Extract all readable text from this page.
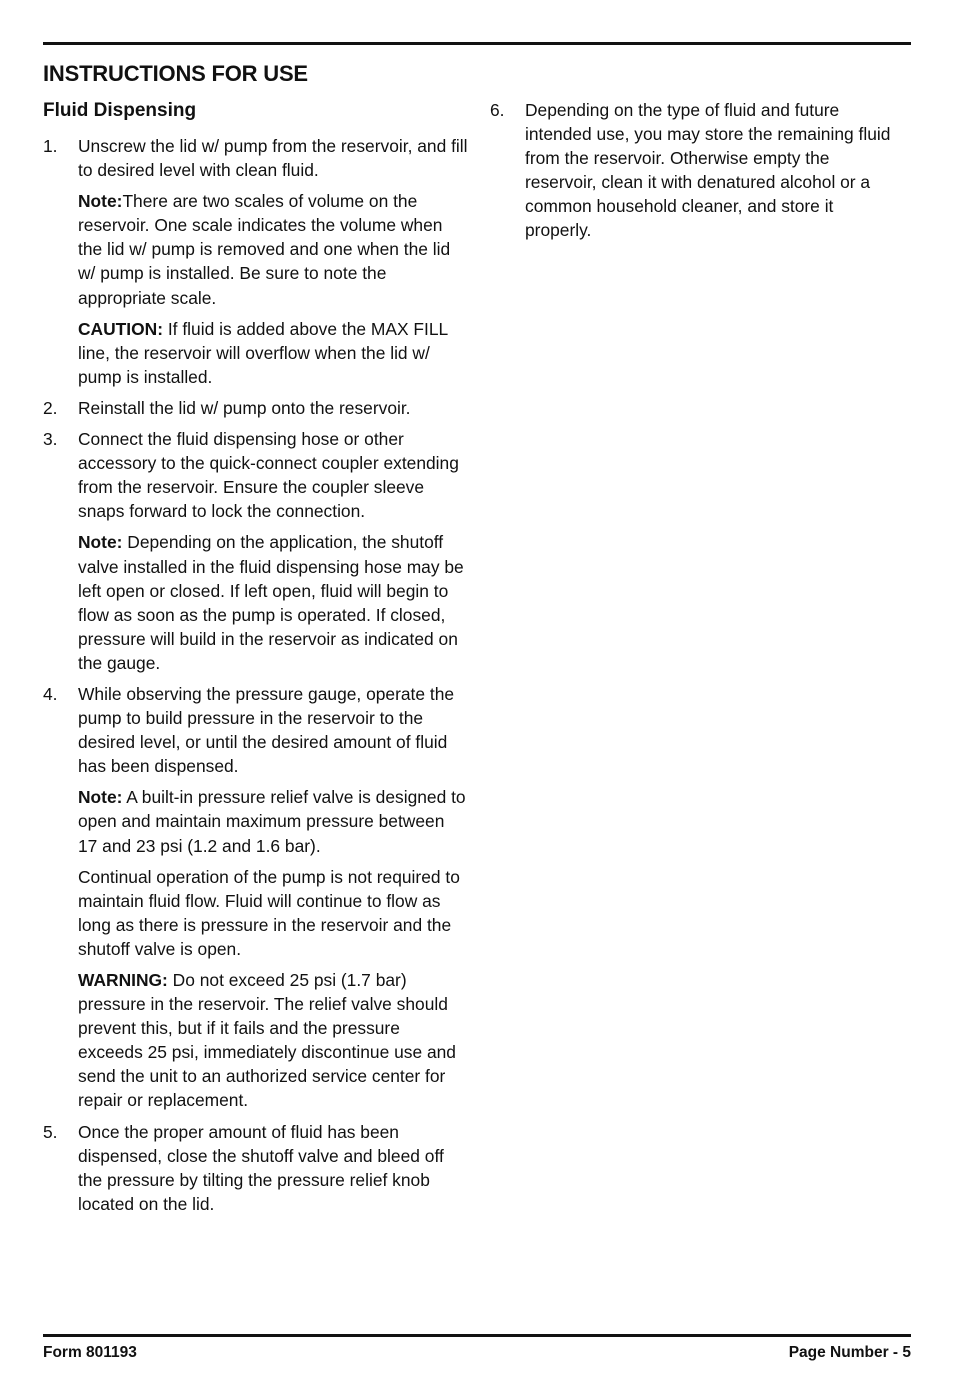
INSTRUCTIONS FOR USE
Fluid Dispensing
1. Unscrew the lid w/ pump from the reservoir, and fill to desired level with clean fluid.

Note:There are two scales of volume on the reservoir. One scale indicates the volume when the lid w/ pump is removed and one when the lid w/ pump is installed. Be sure to note the appropriate scale.

CAUTION: If fluid is added above the MAX FILL line, the reservoir will overflow when the lid w/ pump is installed.

2. Reinstall the lid w/ pump onto the reservoir.

3. Connect the fluid dispensing hose or other accessory to the quick-connect coupler extending from the reservoir. Ensure the coupler sleeve snaps forward to lock the connection.

Note: Depending on the application, the shutoff valve installed in the fluid dispensing hose may be left open or closed. If left open, fluid will begin to flow as soon as the pump is operated. If closed, pressure will build in the reservoir as indicated on the gauge.

4. While observing the pressure gauge, operate the pump to build pressure in the reservoir to the desired level, or until the desired amount of fluid has been dispensed.

Note: A built-in pressure relief valve is designed to open and maintain maximum pressure between 17 and 23 psi (1.2 and 1.6 bar).

Continual operation of the pump is not required to maintain fluid flow. Fluid will continue to flow as long as there is pressure in the reservoir and the shutoff valve is open.

WARNING: Do not exceed 25 psi (1.7 bar) pressure in the reservoir. The relief valve should prevent this, but if it fails and the pressure exceeds 25 psi, immediately discontinue use and send the unit to an authorized service center for repair or replacement.

5. Once the proper amount of fluid has been dispensed, close the shutoff valve and bleed off the pressure by tilting the pressure relief knob located on the lid.

6. Depending on the type of fluid and future intended use, you may store the remaining fluid from the reservoir. Otherwise empty the reservoir, clean it with denatured alcohol or a common household cleaner, and store it properly.

Form 801193	Page Number - 5
